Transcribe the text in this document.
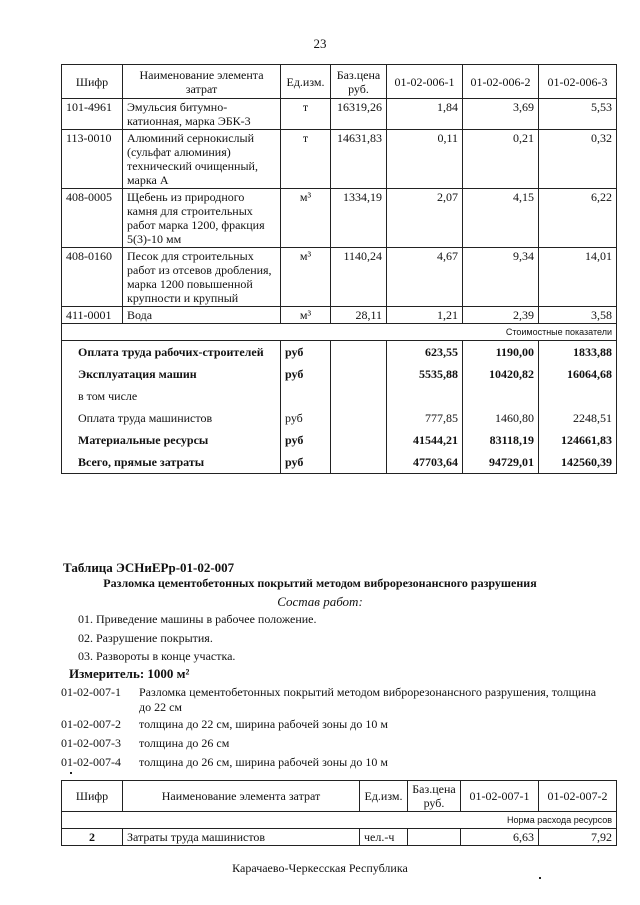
23
Шифр	Наименование элемента затрат	Ед.изм.	Баз.цена руб.	01-02-006-1	01-02-006-2	01-02-006-3
101-4961	Эмульсия битумно-катионная, марка ЭБК-3	т	16319,26	1,84	3,69	5,53
113-0010	Алюминий сернокислый (сульфат алюминия) технический очищенный, марка А	т	14631,83	0,11	0,21	0,32
408-0005	Щебень из природного камня для строительных работ марка 1200, фракция 5(3)-10 мм	м³	1334,19	2,07	4,15	6,22
408-0160	Песок для строительных работ из отсевов дробления, марка 1200 повышенной крупности и крупный	м³	1140,24	4,67	9,34	14,01
411-0001	Вода	м³	28,11	1,21	2,39	3,58
Стоимостные показатели						
Оплата труда рабочих-строителей		руб		623,55	1190,00	1833,88
Эксплуатация машин		руб		5535,88	10420,82	16064,68
в том числе						
Оплата труда машинистов		руб		777,85	1460,80	2248,51
Материальные ресурсы		руб		41544,21	83118,19	124661,83
Всего, прямые затраты		руб		47703,64	94729,01	142560,39
Таблица ЭСНиЕРр-01-02-007
Разломка цементобетонных покрытий методом виброрезонансного разрушения
Состав работ:
01. Приведение машины в рабочее положение.
02. Разрушение покрытия.
03. Развороты в конце участка.
Измеритель: 1000 м²
01-02-007-1 Разломка цементобетонных покрытий методом виброрезонансного разрушения, толщина до 22 см
01-02-007-2 толщина до 22 см, ширина рабочей зоны до 10 м
01-02-007-3 толщина до 26 см
01-02-007-4 толщина до 26 см, ширина рабочей зоны до 10 м
Шифр	Наименование элемента затрат	Ед.изм.	Баз.цена руб.	01-02-007-1	01-02-007-2
Норма расхода ресурсов					
2	Затраты труда машинистов	чел.-ч		6,63	7,92
Карачаево-Черкесская Республика
